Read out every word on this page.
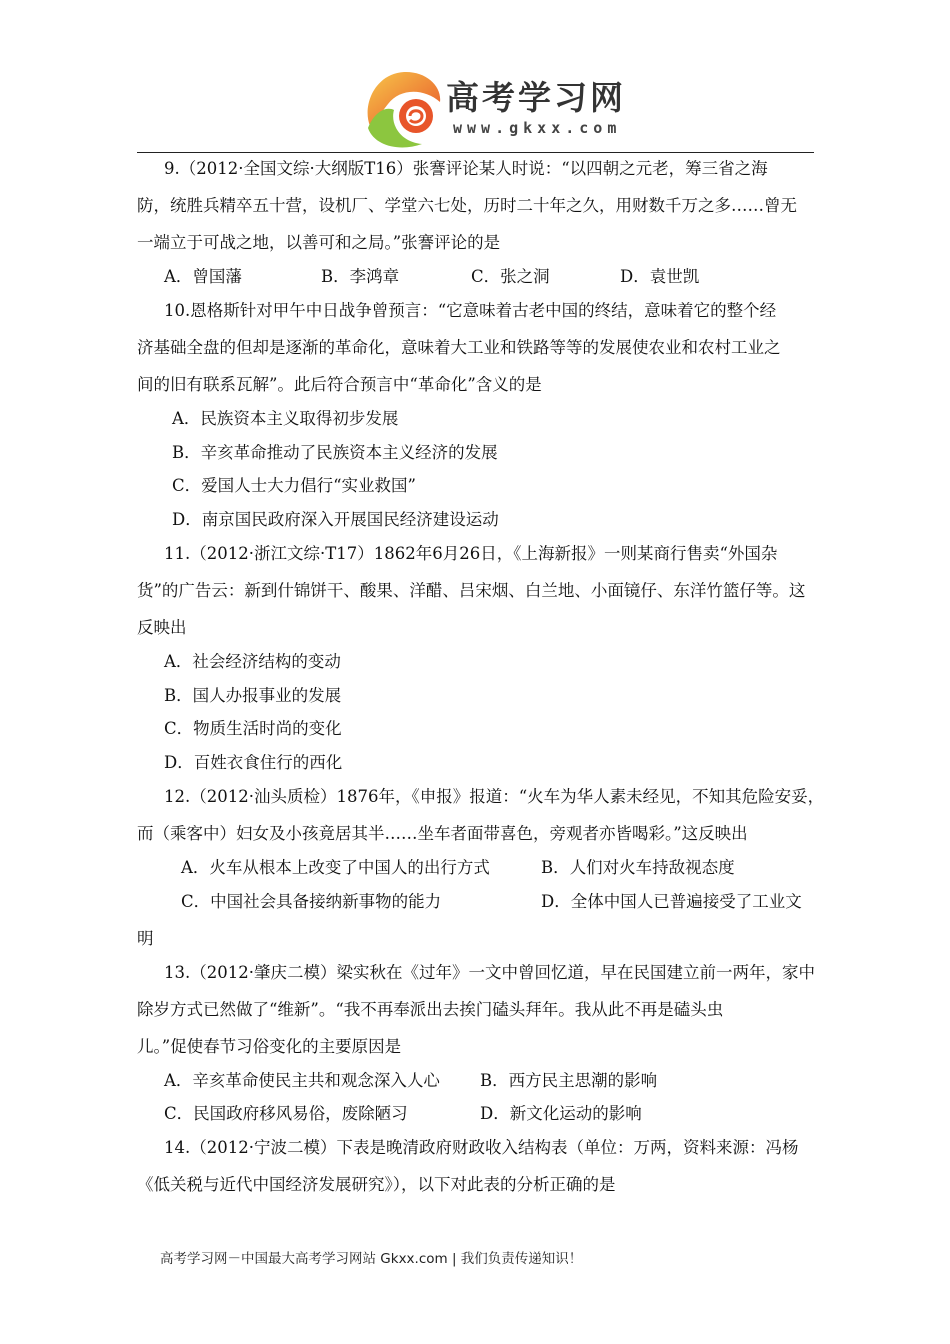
高考学习网
www.gkxx.com
9.（2012·全国文综·大纲版T16）张謇评论某人时说：“以四朝之元老，筹三省之海
防，统胜兵精卒五十营，设机厂、学堂六七处，历时二十年之久，用财数千万之多……曾无
一端立于可战之地，以善可和之局。”张謇评论的是
A．曾国藩	B．李鸿章	C．张之洞	D．袁世凯
10.恩格斯针对甲午中日战争曾预言：“它意味着古老中国的终结，意味着它的整个经
济基础全盘的但却是逐渐的革命化，意味着大工业和铁路等等的发展使农业和农村工业之
间的旧有联系瓦解”。此后符合预言中“革命化”含义的是
A．民族资本主义取得初步发展
B．辛亥革命推动了民族资本主义经济的发展
C．爱国人士大力倡行“实业救国”
D．南京国民政府深入开展国民经济建设运动
11.（2012·浙江文综·T17）1862年6月26日，《上海新报》一则某商行售卖“外国杂
货”的广告云：新到什锦饼干、酸果、洋醋、吕宋烟、白兰地、小面镜仔、东洋竹篮仔等。这
反映出
A．社会经济结构的变动
B．国人办报事业的发展
C．物质生活时尚的变化
D．百姓衣食住行的西化
12.（2012·汕头质检）1876年，《申报》报道：“火车为华人素未经见，不知其危险安妥，
而（乘客中）妇女及小孩竟居其半……坐车者面带喜色，旁观者亦皆喝彩。”这反映出
A．火车从根本上改变了中国人的出行方式	B．人们对火车持敌视态度
C．中国社会具备接纳新事物的能力	D．全体中国人已普遍接受了工业文
明
13.（2012·肇庆二模）梁实秋在《过年》一文中曾回忆道，早在民国建立前一两年，家中
除岁方式已然做了“维新”。“我不再奉派出去挨门磕头拜年。我从此不再是磕头虫
儿。”促使春节习俗变化的主要原因是
A．辛亥革命使民主共和观念深入人心 B．西方民主思潮的影响
C．民国政府移风易俗，废除陋习	D．新文化运动的影响
14.（2012·宁波二模）下表是晚清政府财政收入结构表（单位：万两，资料来源：冯杨
《低关税与近代中国经济发展研究》），以下对此表的分析正确的是
高考学习网－中国最大高考学习网站 Gkxx.com | 我们负责传递知识！
